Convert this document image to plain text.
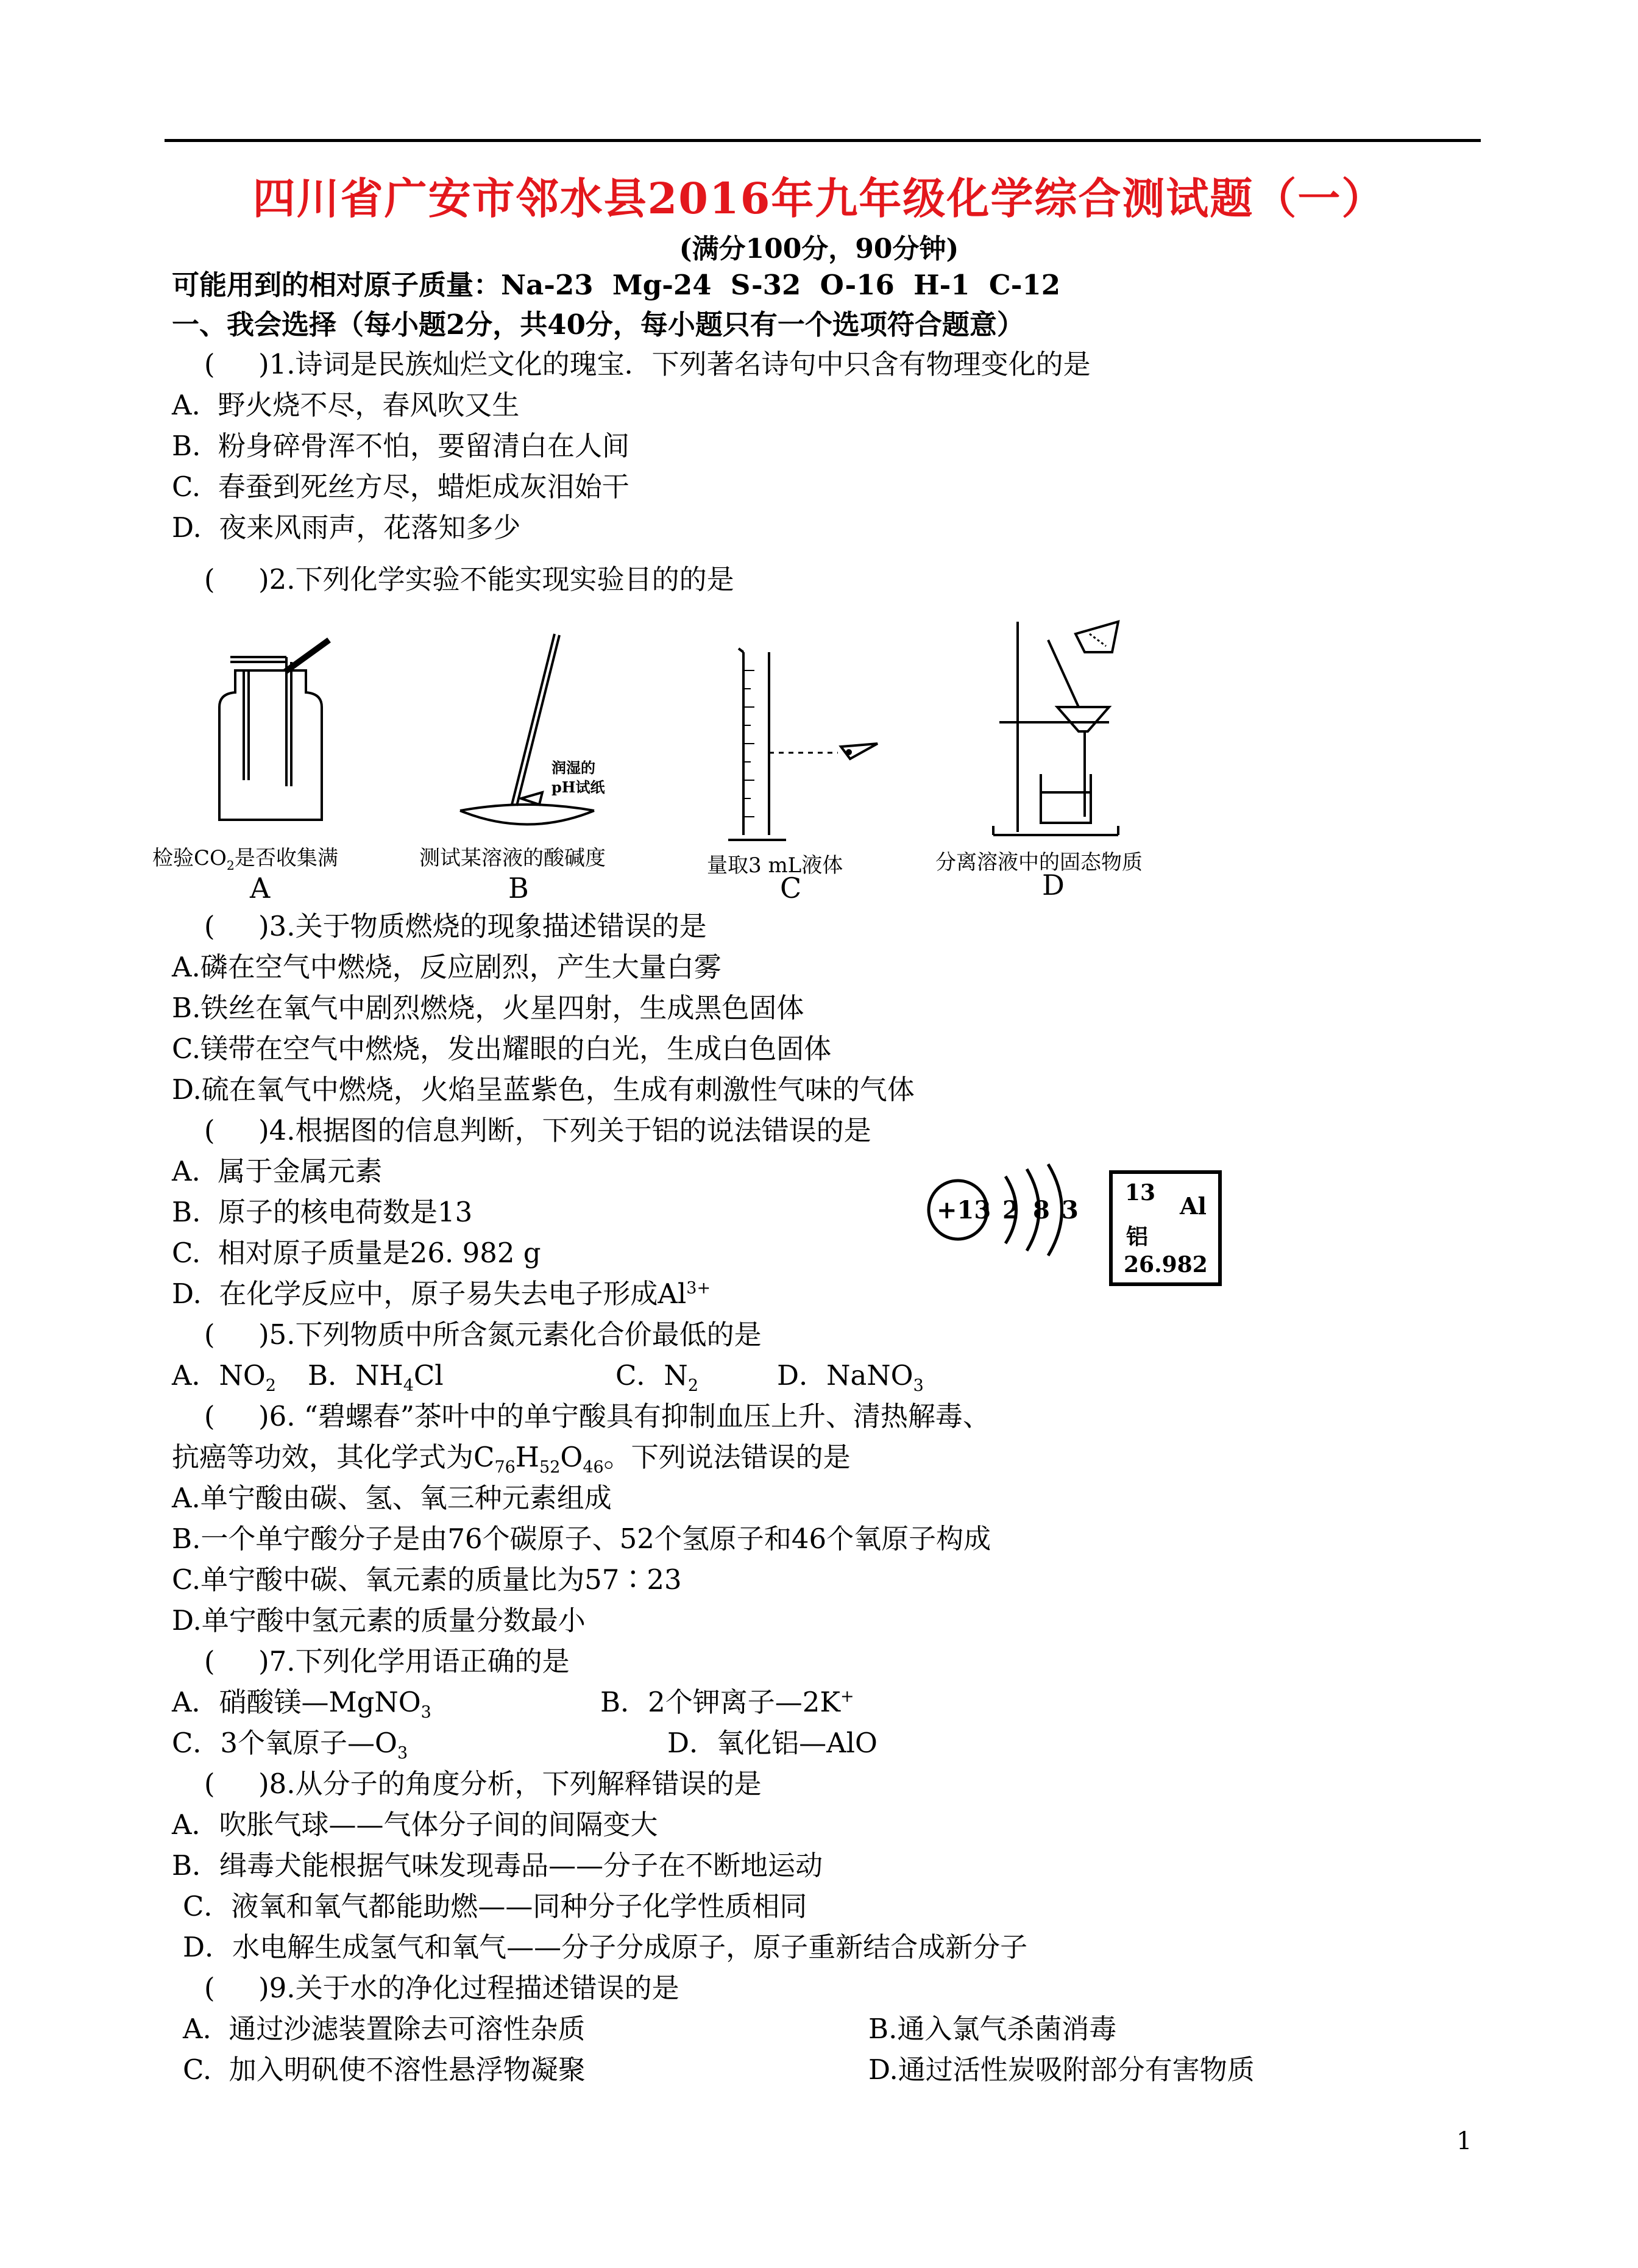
四川省广安市邻水县2016年九年级化学综合测试题（一）
(满分100分，90分钟)
可能用到的相对原子质量：Na-23  Mg-24  S-32  O-16  H-1  C-12
一、我会选择（每小题2分，共40分，每小题只有一个选项符合题意）
(     )1.诗词是民族灿烂文化的瑰宝．下列著名诗句中只含有物理变化的是
A.  野火烧不尽，春风吹又生
B.  粉身碎骨浑不怕，要留清白在人间
C.  春蚕到死丝方尽，蜡炬成灰泪始干
D.  夜来风雨声，花落知多少
(     )2.下列化学实验不能实现实验目的的是
检验$CO_2$是否收集满
A
润湿的
pH试纸
测试某溶液的酸碱度
B
量取3 mL液体
C
分离溶液中的固态物质
D
(     )3.关于物质燃烧的现象描述错误的是
A.磷在空气中燃烧，反应剧烈，产生大量白雾
B.铁丝在氧气中剧烈燃烧，火星四射，生成黑色固体
C.镁带在空气中燃烧，发出耀眼的白光，生成白色固体
D.硫在氧气中燃烧，火焰呈蓝紫色，生成有刺激性气味的气体
(     )4.根据图的信息判断，下列关于铝的说法错误的是
A.  属于金属元素
B.  原子的核电荷数是13
C.  相对原子质量是26. 982 g
D.  在化学反应中，原子易失去电子形成$Al^{3+}$
+13 2 8 3
13 Al
铝
26.982
(     )5.下列物质中所含氮元素化合价最低的是
A．$NO_2$ B．$NH_4Cl$	C．$N_2$	D．NaNO$_3$
(     )6. “碧螺春”茶叶中的单宁酸具有抑制血压上升、清热解毒、
抗癌等功效，其化学式为$C_{76}H_{52}O_{46}$。下列说法错误的是
A.单宁酸由碳、氢、氧三种元素组成
B.一个单宁酸分子是由76个碳原子、52个氢原子和46个氧原子构成
C.单宁酸中碳、氧元素的质量比为57∶23
D.单宁酸中氢元素的质量分数最小
(     )7.下列化学用语正确的是
A．硝酸镁—MgNO$_3$	B．2个钾离子—2K+
C．3个氧原子$—O_3$	D．氧化铝—AlO
(     )8.从分子的角度分析，下列解释错误的是
A．吹胀气球——气体分子间的间隔变大
B．缉毒犬能根据气味发现毒品——分子在不断地运动
C．液氧和氧气都能助燃——同种分子化学性质相同
D．水电解生成氢气和氧气——分子分成原子，原子重新结合成新分子
(     )9.关于水的净化过程描述错误的是
A.  通过沙滤装置除去可溶性杂质	B.通入氯气杀菌消毒
C.  加入明矾使不溶性悬浮物凝聚	D.通过活性炭吸附部分有害物质
1
